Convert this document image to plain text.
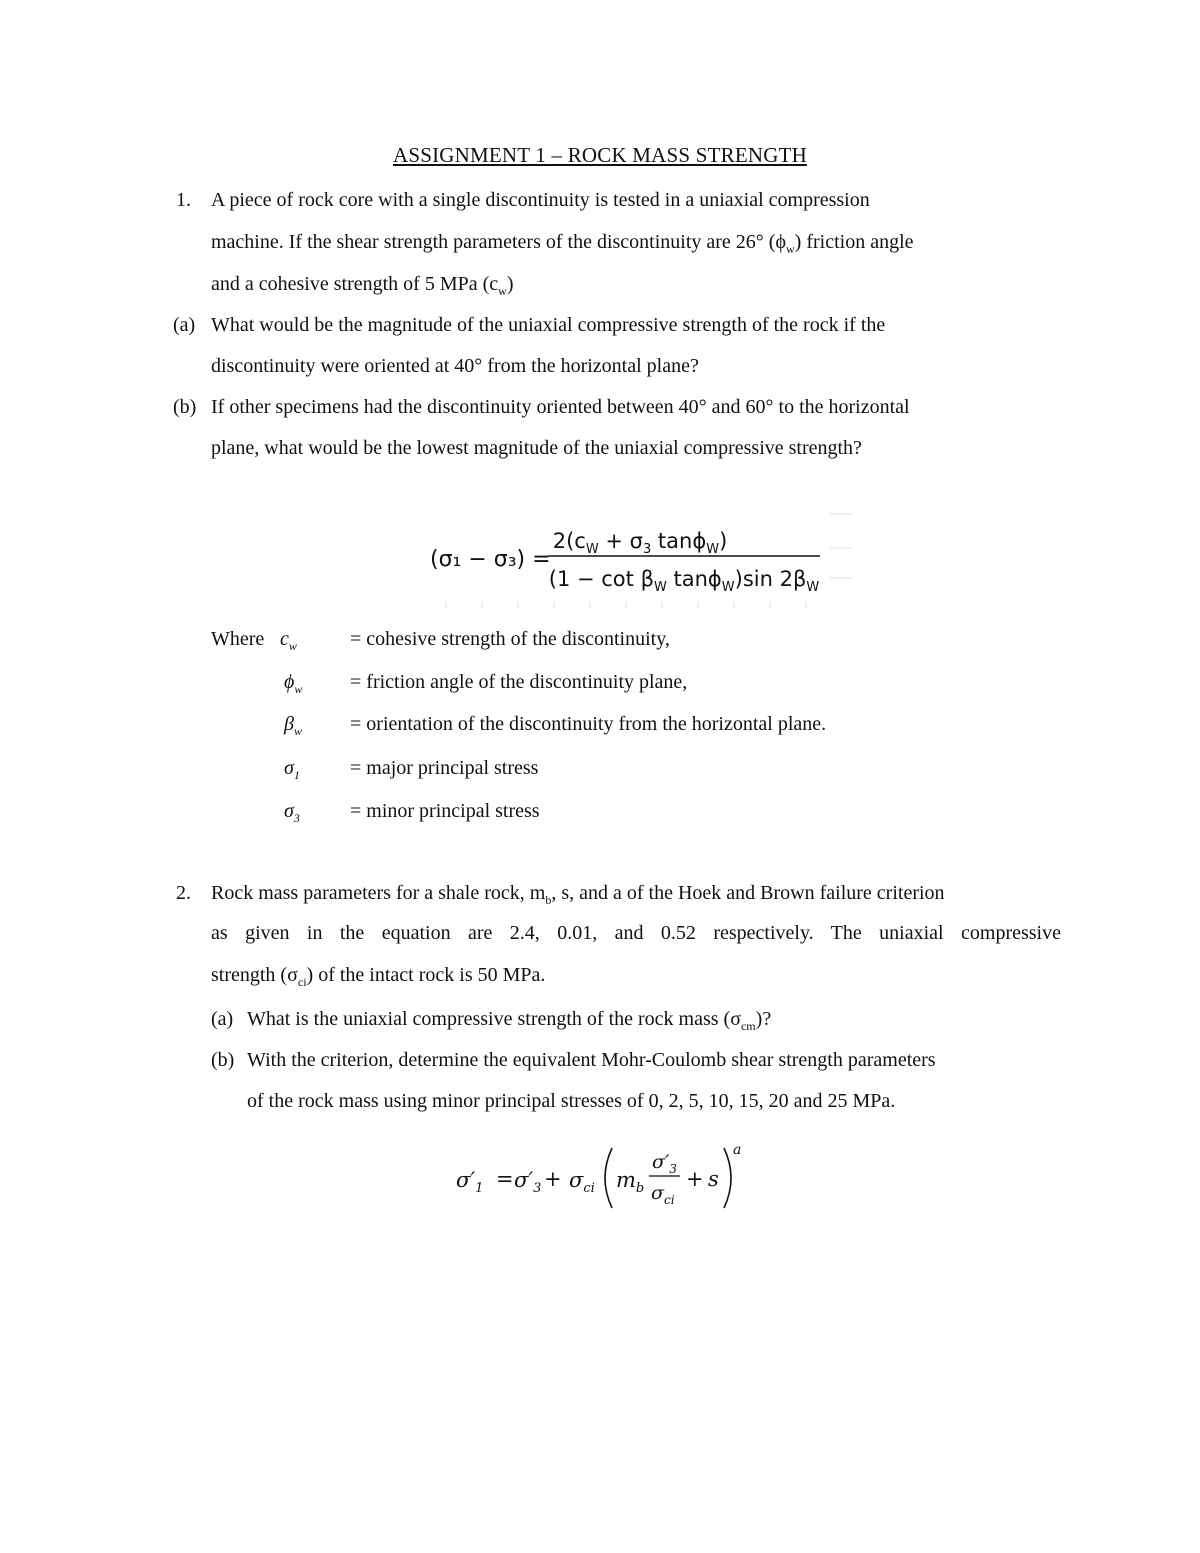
ASSIGNMENT 1 – ROCK MASS STRENGTH
1. A piece of rock core with a single discontinuity is tested in a uniaxial compression
machine. If the shear strength parameters of the discontinuity are 26° $(\phi_w)$ friction angle
and a cohesive strength of 5 MPa $(c_w)$
(a) What would be the magnitude of the uniaxial compressive strength of the rock if the
discontinuity were oriented at 40° from the horizontal plane?
(b) If other specimens had the discontinuity oriented between 40° and 60° to the horizontal
plane, what would be the lowest magnitude of the uniaxial compressive strength?
(σ₁ − σ₃) =
$2(c_W + \sigma_3$ tanϕ$_W$)
($1 - \cot \beta_W$ tanϕ$_W$)sin $2\beta_W$
Where $c_w$	= cohesive strength of the discontinuity,
$\phi_w$ = friction angle of the discontinuity plane,
$\beta_w$ = orientation of the discontinuity from the horizontal plane.
$\sigma_1$	= major principal stress
$\sigma_3$	= minor principal stress
2. Rock mass parameters for a shale rock, $m_b$, s, and a of the Hoek and Brown failure criterion
as given in the equation are 2.4, 0.01, and 0.52 respectively. The uniaxial compressive
strength $(\sigma_{ci})$ of the intact rock is 50 MPa.
(a) What is the uniaxial compressive strength of the rock mass $(\sigma_{cm})$?
(b) With the criterion, determine the equivalent Mohr-Coulomb shear strength parameters
of the rock mass using minor principal stresses of 0, 2, 5, 10, 15, 20 and 25 MPa.
$\sigma'_1 = \sigma'_3 + \sigma_{ci}$ $m_b$
$\sigma'_3$
$\sigma_{ci}$
+ s
a
